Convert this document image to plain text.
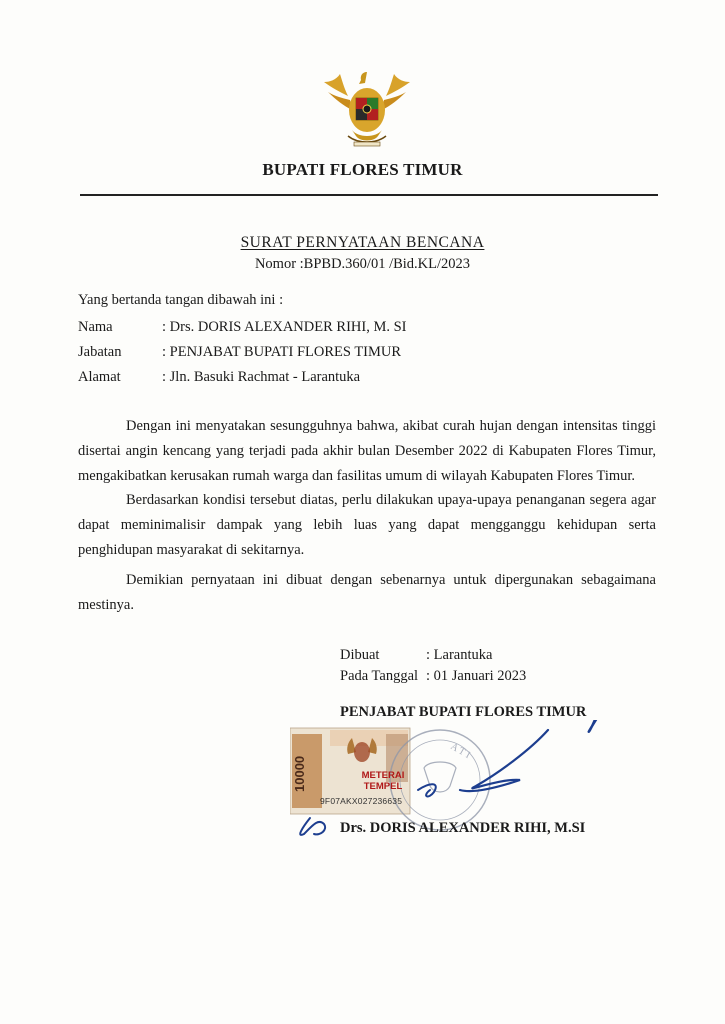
BUPATI FLORES TIMUR
SURAT PERNYATAAN BENCANA
Nomor :BPBD.360/01 /Bid.KL/2023
Yang bertanda tangan dibawah ini :
Nama	: Drs. DORIS ALEXANDER RIHI, M. SI
Jabatan	: PENJABAT BUPATI FLORES TIMUR
Alamat	: Jln. Basuki Rachmat - Larantuka

Dengan ini menyatakan sesungguhnya bahwa, akibat curah hujan dengan intensitas tinggi disertai angin kencang yang terjadi pada akhir bulan Desember 2022 di Kabupaten Flores Timur, mengakibatkan kerusakan rumah warga dan fasilitas umum di wilayah Kabupaten Flores Timur.

Berdasarkan kondisi tersebut diatas, perlu dilakukan upaya-upaya penanganan segera agar dapat meminimalisir dampak yang lebih luas yang dapat mengganggu kehidupan serta penghidupan masyarakat di sekitarnya.

Demikian pernyataan ini dibuat dengan sebenarnya untuk dipergunakan sebagaimana mestinya.

Dibuat	: Larantuka
Pada Tanggal : 01 Januari 2023
A T I
10000	METERAI TEMPEL
9F07AKX027236635
PENJABAT BUPATI FLORES TIMUR
Drs. DORIS ALEXANDER RIHI, M.SI
